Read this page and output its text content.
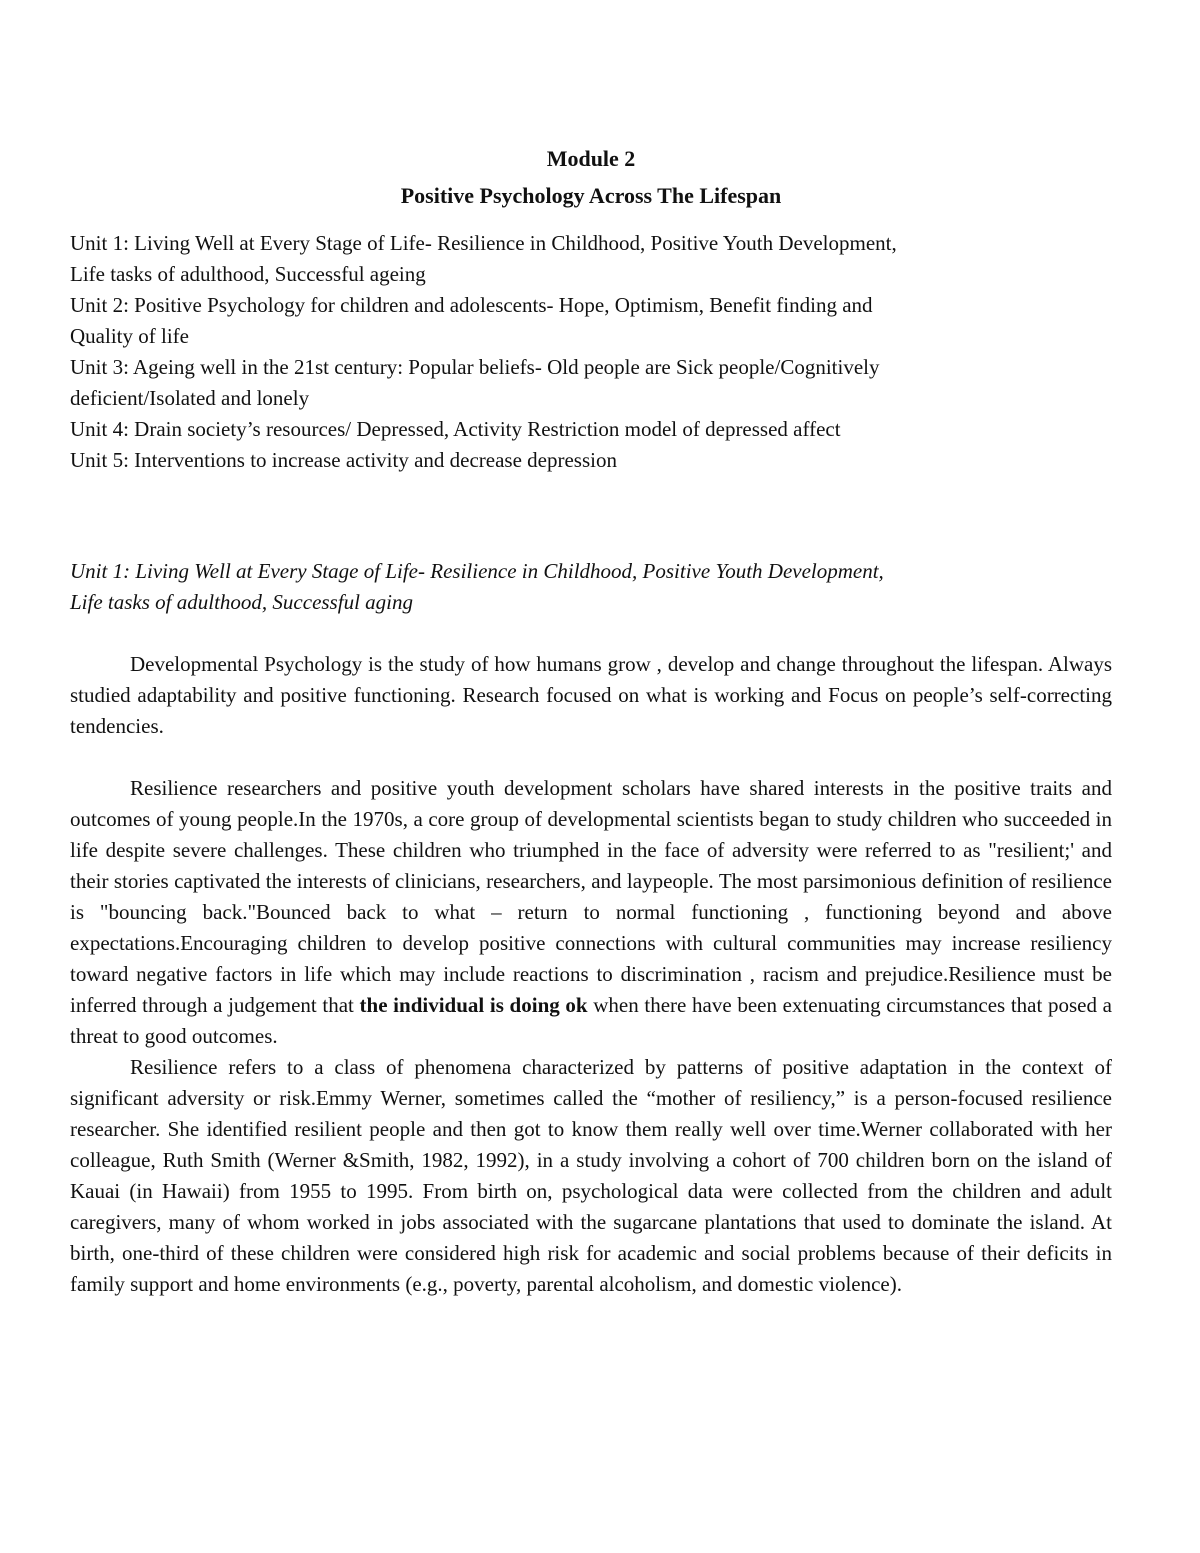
Module 2

Positive Psychology Across The Lifespan

Unit 1: Living Well at Every Stage of Life- Resilience in Childhood, Positive Youth Development,

Life tasks of adulthood, Successful ageing

Unit 2: Positive Psychology for children and adolescents- Hope, Optimism, Benefit finding and

Quality of life

Unit 3: Ageing well in the 21st century: Popular beliefs- Old people are Sick people/Cognitively

deficient/Isolated and lonely

Unit 4: Drain society’s resources/ Depressed, Activity Restriction model of depressed affect

Unit 5: Interventions to increase activity and decrease depression

Unit 1: Living Well at Every Stage of Life- Resilience in Childhood, Positive Youth Development,

Life tasks of adulthood, Successful aging

Developmental Psychology is the study of how humans grow , develop and change throughout the lifespan. Always studied adaptability and positive functioning. Research focused on what is working and Focus on people’s self-correcting tendencies.

Resilience researchers and positive youth development scholars have shared interests in the positive traits and outcomes of young people.In the 1970s, a core group of developmental scientists began to study children who succeeded in life despite severe challenges. These children who triumphed in the face of adversity were referred to as "resilient;' and their stories captivated the interests of clinicians, researchers, and laypeople. The most parsimonious definition of resilience is "bouncing back."Bounced back to what – return to normal functioning , functioning beyond and above expectations.Encouraging children to develop positive connections with cultural communities may increase resiliency toward negative factors in life which may include reactions to discrimination , racism and prejudice.Resilience must be inferred through a judgement that the individual is doing ok when there have been extenuating circumstances that posed a threat to good outcomes.

Resilience refers to a class of phenomena characterized by patterns of positive adaptation in the context of significant adversity or risk.Emmy Werner, sometimes called the “mother of resiliency,” is a person-focused resilience researcher. She identified resilient people and then got to know them really well over time.Werner collaborated with her colleague, Ruth Smith (Werner &Smith, 1982, 1992), in a study involving a cohort of 700 children born on the island of Kauai (in Hawaii) from 1955 to 1995. From birth on, psychological data were collected from the children and adult caregivers, many of whom worked in jobs associated with the sugarcane plantations that used to dominate the island. At birth, one-third of these children were considered high risk for academic and social problems because of their deficits in family support and home environments (e.g., poverty, parental alcoholism, and domestic violence).
